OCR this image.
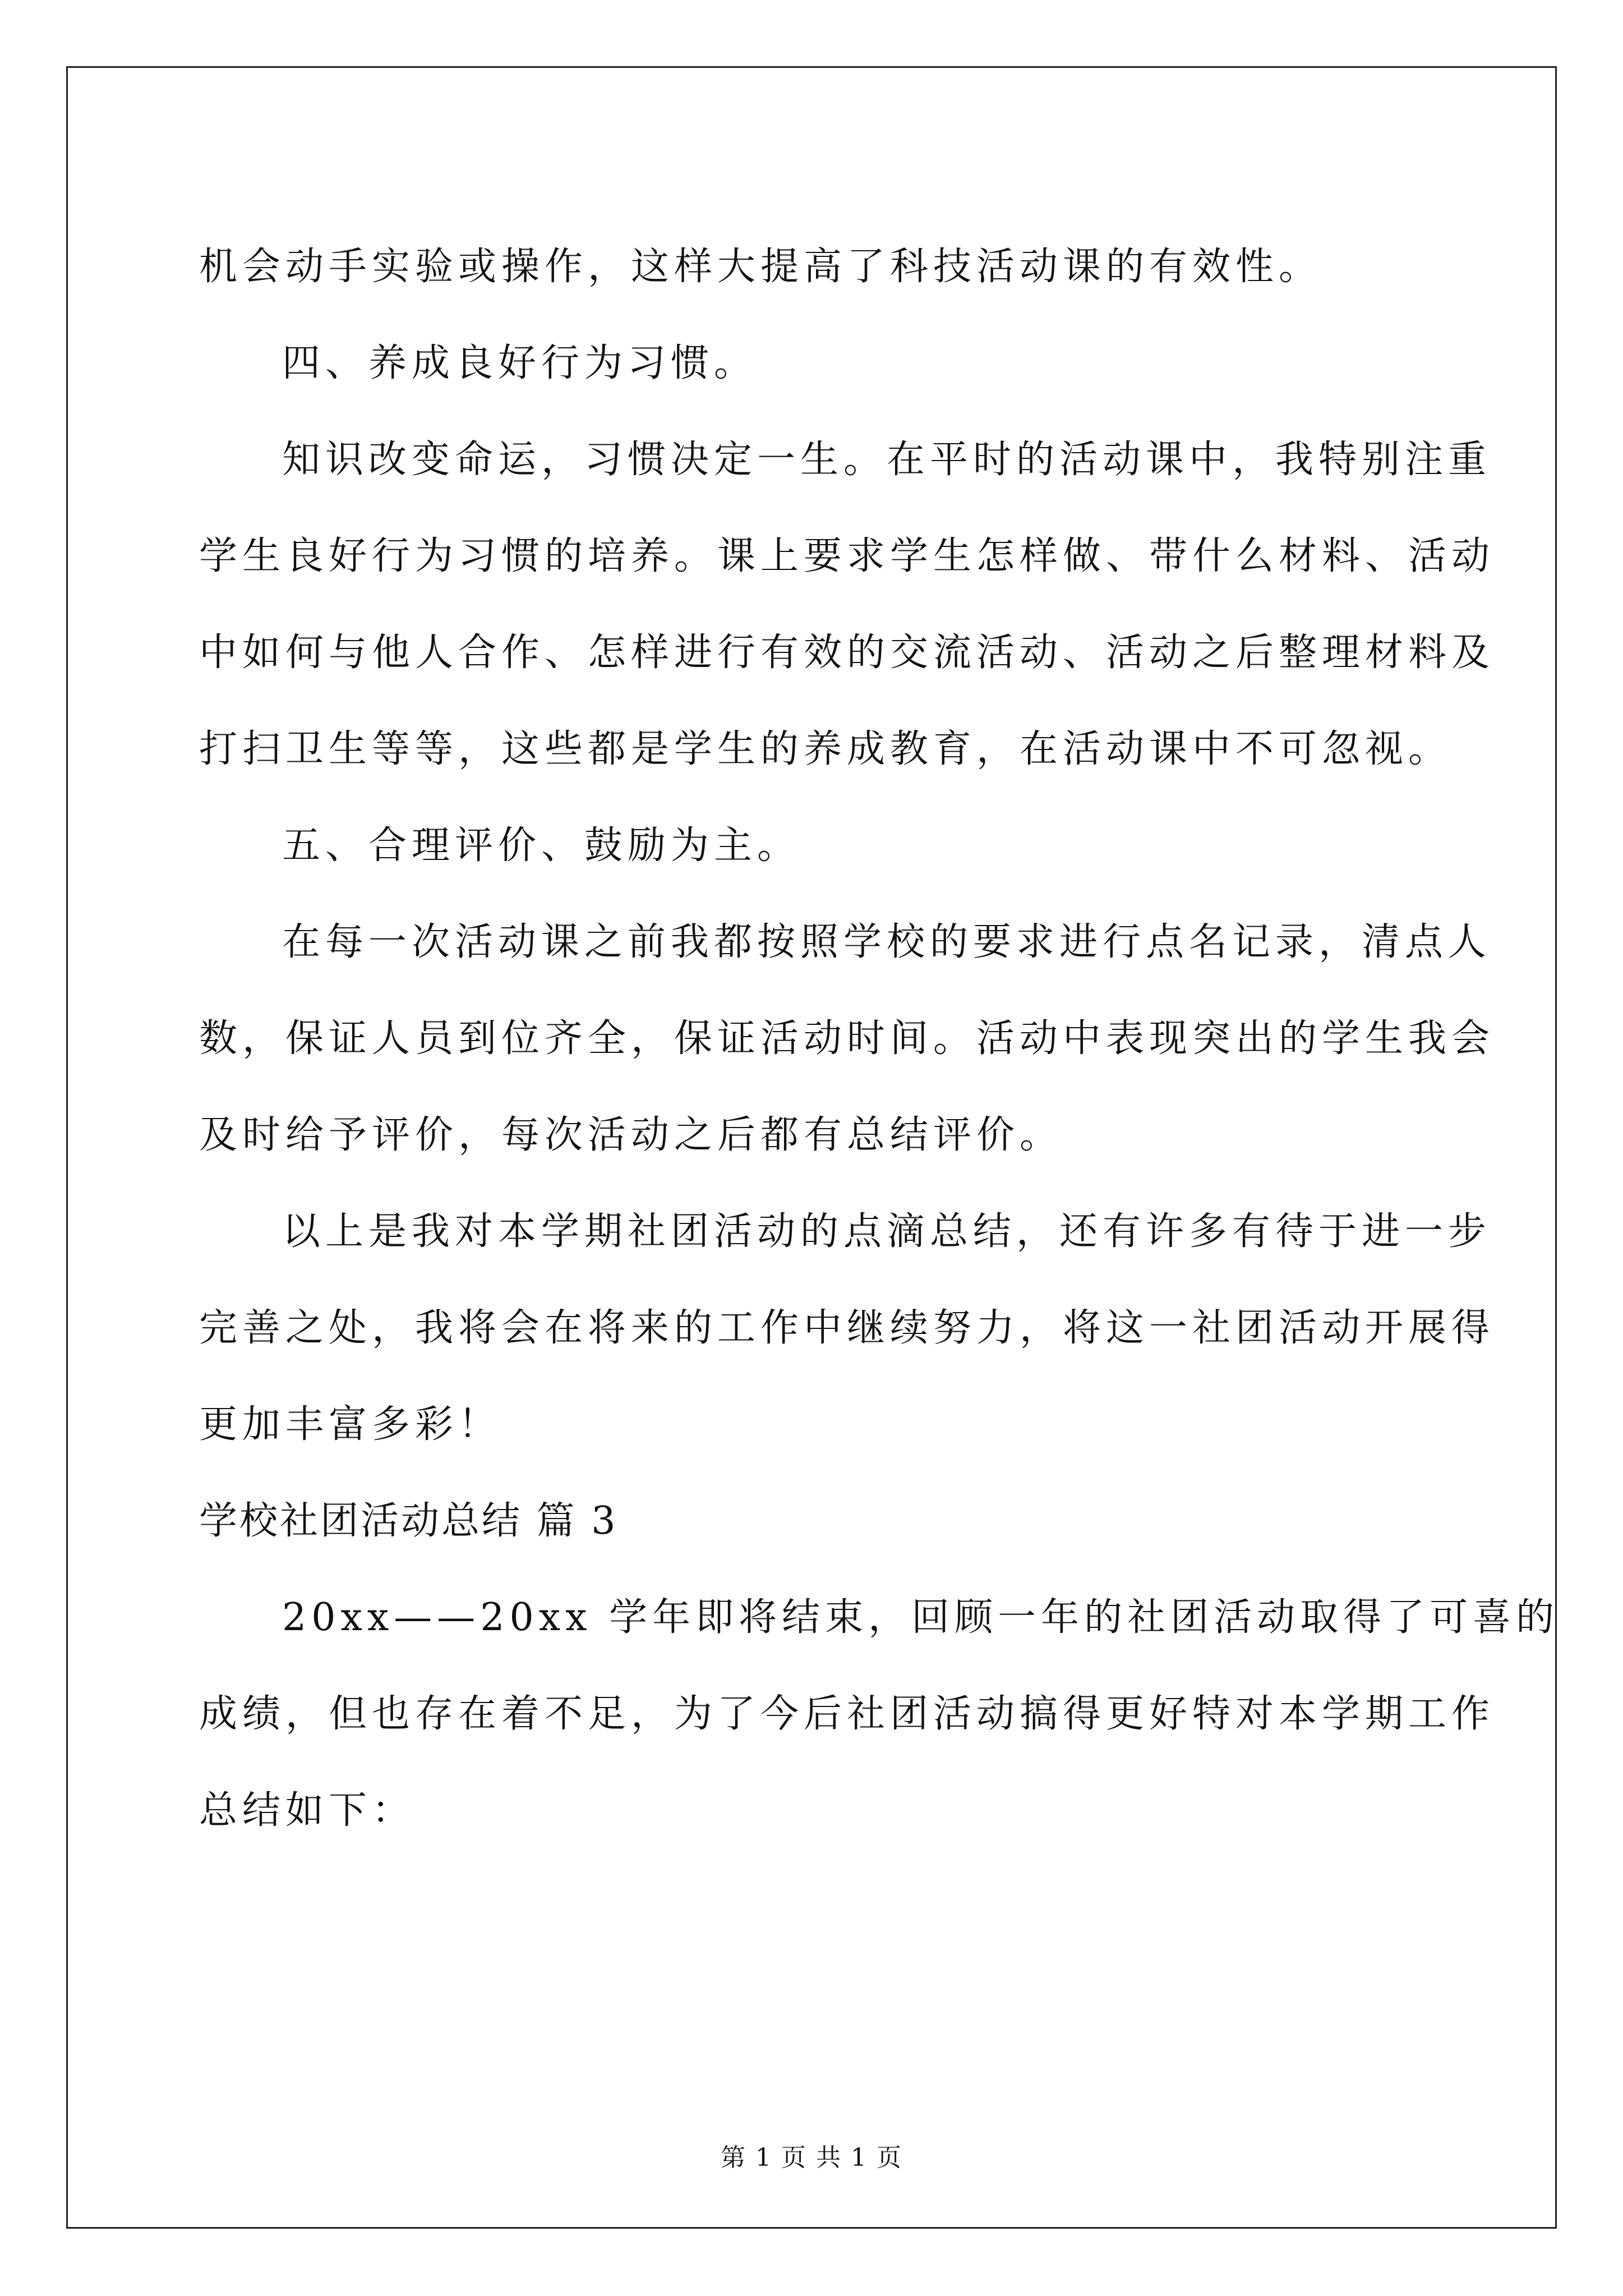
机会动手实验或操作，这样大提高了科技活动课的有效性。
四、养成良好行为习惯。
知识改变命运，习惯决定一生。在平时的活动课中，我特别注重
学生良好行为习惯的培养。课上要求学生怎样做、带什么材料、活动
中如何与他人合作、怎样进行有效的交流活动、活动之后整理材料及
打扫卫生等等，这些都是学生的养成教育，在活动课中不可忽视。
五、合理评价、鼓励为主。
在每一次活动课之前我都按照学校的要求进行点名记录，清点人
数，保证人员到位齐全，保证活动时间。活动中表现突出的学生我会
及时给予评价，每次活动之后都有总结评价。
以上是我对本学期社团活动的点滴总结，还有许多有待于进一步
完善之处，我将会在将来的工作中继续努力，将这一社团活动开展得
更加丰富多彩！
学校社团活动总结 篇 3
20xx——20xx 学年即将结束，回顾一年的社团活动取得了可喜的
成绩，但也存在着不足，为了今后社团活动搞得更好特对本学期工作
总结如下：
第 1 页 共 1 页
